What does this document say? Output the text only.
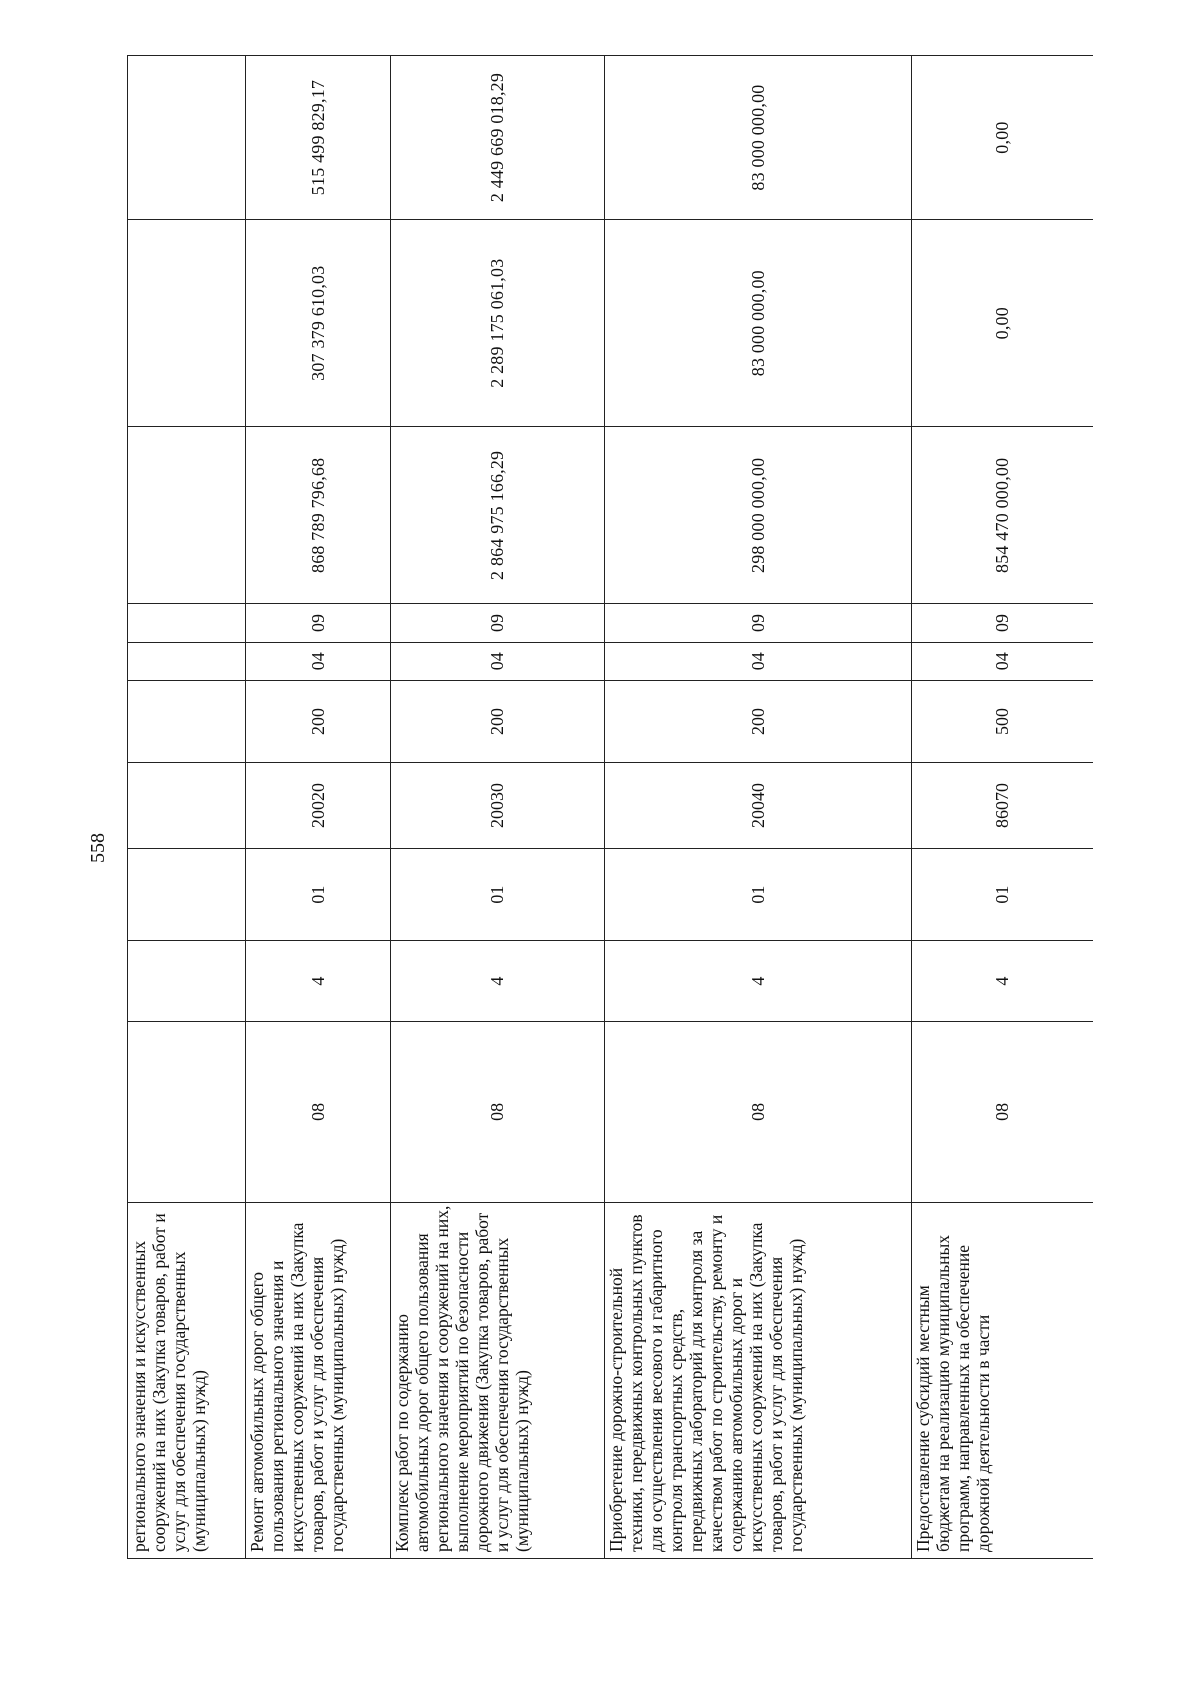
558
регионального значения и искусственных сооружений на них (Закупка товаров, работ и услуг для обеспечения государственных (муниципальных) нужд)										
Ремонт автомобильных дорог общего пользования регионального значения и искусственных сооружений на них (Закупка товаров, работ и услуг для обеспечения государственных (муниципальных) нужд)	08	4	01	20020	200	04	09	868 789 796,68	307 379 610,03	515 499 829,17
Комплекс работ по содержанию автомобильных дорог общего пользования регионального значения и сооружений на них, выполнение мероприятий по безопасности дорожного движения (Закупка товаров, работ и услуг для обеспечения государственных (муниципальных) нужд)	08	4	01	20030	200	04	09	2 864 975 166,29	2 289 175 061,03	2 449 669 018,29
Приобретение дорожно-строительной техники, передвижных контрольных пунктов для осуществления весового и габаритного контроля транспортных средств, передвижных лабораторий для контроля за качеством работ по строительству, ремонту и содержанию автомобильных дорог и искусственных сооружений на них (Закупка товаров, работ и услуг для обеспечения государственных (муниципальных) нужд)	08	4	01	20040	200	04	09	298 000 000,00	83 000 000,00	83 000 000,00
Предоставление субсидий местным бюджетам на реализацию муниципальных программ, направленных на обеспечение дорожной деятельности в части	08	4	01	86070	500	04	09	854 470 000,00	0,00	0,00
